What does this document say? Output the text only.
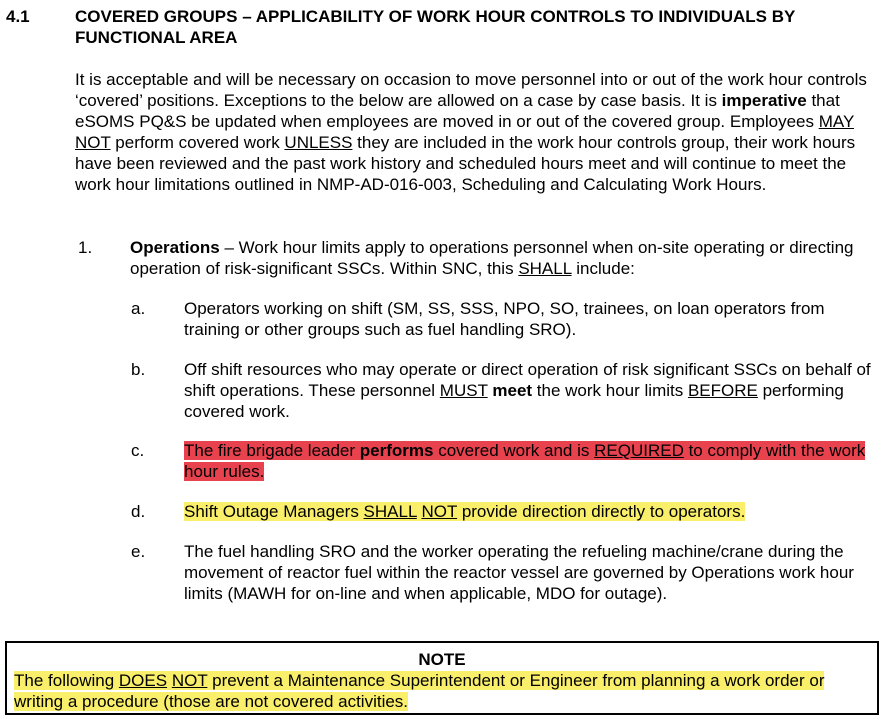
4.1	COVERED GROUPS – APPLICABILITY OF WORK HOUR CONTROLS TO INDIVIDUALS BY FUNCTIONAL AREA
It is acceptable and will be necessary on occasion to move personnel into or out of the work hour controls ‘covered’ positions. Exceptions to the below are allowed on a case by case basis. It is imperative that eSOMS PQ&S be updated when employees are moved in or out of the covered group. Employees MAY NOT perform covered work UNLESS they are included in the work hour controls group, their work hours have been reviewed and the past work history and scheduled hours meet and will continue to meet the work hour limitations outlined in NMP-AD-016-003, Scheduling and Calculating Work Hours.
1. Operations – Work hour limits apply to operations personnel when on-site operating or directing operation of risk-significant SSCs. Within SNC, this SHALL include:
a. Operators working on shift (SM, SS, SSS, NPO, SO, trainees, on loan operators from training or other groups such as fuel handling SRO).
b. Off shift resources who may operate or direct operation of risk significant SSCs on behalf of shift operations. These personnel MUST meet the work hour limits BEFORE performing covered work.
c. The fire brigade leader performs covered work and is REQUIRED to comply with the work hour rules.
d. Shift Outage Managers SHALL NOT provide direction directly to operators.
e. The fuel handling SRO and the worker operating the refueling machine/crane during the movement of reactor fuel within the reactor vessel are governed by Operations work hour limits (MAWH for on-line and when applicable, MDO for outage).
NOTE
The following DOES NOT prevent a Maintenance Superintendent or Engineer from planning a work order or writing a procedure (those are not covered activities.
